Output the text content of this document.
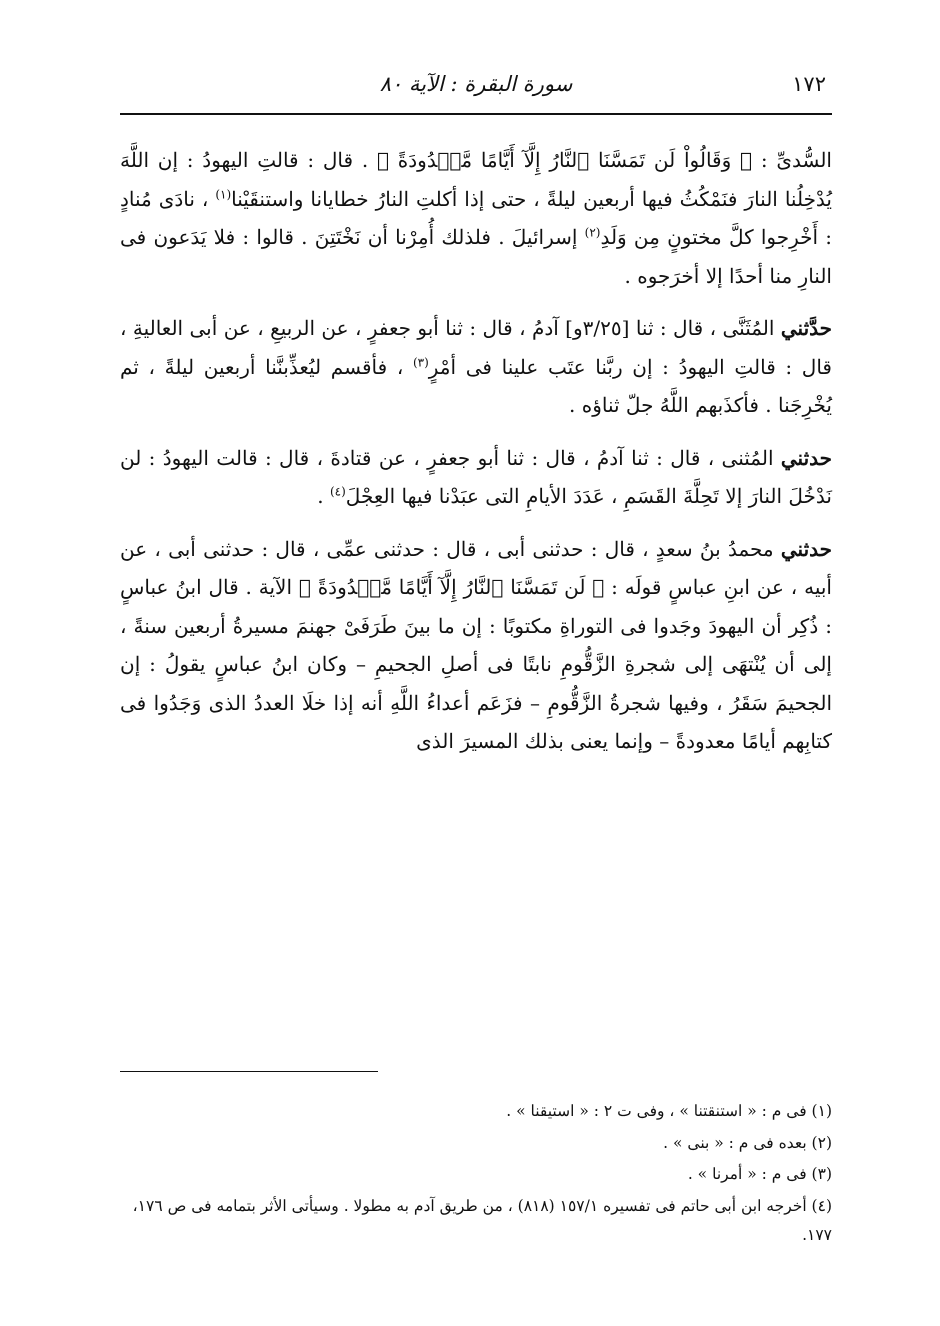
١٧٢
سورة البقرة : الآية ٨٠

السُّدىِّ : ﴿ وَقَالُواْ لَن تَمَسَّنَا ٱلنَّارُ إِلَّآ أَيَّامًا مَّعۡدُودَةً ﴾ . قال : قالتِ اليهودُ : إن اللَّهَ يُدْخِلُنا النارَ فنَمْكُثُ فيها أربعين ليلةً ، حتى إذا أكلتِ النارُ خطايانا واستنقَيْنا$^{(١)}$ ، نادَى مُنادٍ : أَخْرِجوا كلَّ مختونٍ مِن وَلَدِ$^{(٢)}$ إسرائيلَ . فلذلك أُمِرْنا أن نَخْتَتِنَ . قالوا : فلا يَدَعون فى النارِ منا أحدًا إلا أخرَجوه .

حدَّثني المُثَنَّى ، قال : ثنا [٣/٢٥و] آدمُ ، قال : ثنا أبو جعفرٍ ، عن الربيعِ ، عن أبى العاليةِ ، قال : قالتِ اليهودُ : إن ربَّنا عتَب علينا فى أمْرٍ$^{(٣)}$ ، فأقسم ليُعذِّبنَّنا أربعين ليلةً ، ثم يُخْرِجَنا . فأكذَبهم اللَّهُ جلّ ثناؤه .

حدثني المُثنى ، قال : ثنا آدمُ ، قال : ثنا أبو جعفرٍ ، عن قتادةَ ، قال : قالت اليهودُ : لن نَدْخُلَ النارَ إلا تَحِلَّةَ القَسَمِ ، عَدَدَ الأيامِ التى عبَدْنا فيها العِجْلَ$^{(٤)}$ .

حدثني محمدُ بنُ سعدٍ ، قال : حدثنى أبى ، قال : حدثنى عمِّى ، قال : حدثنى أبى ، عن أبيه ، عن ابنِ عباسٍ قولَه : ﴿ لَن تَمَسَّنَا ٱلنَّارُ إِلَّآ أَيَّامًا مَّعۡدُودَةً ﴾ الآية . قال ابنُ عباسٍ : ذُكِر أن اليهودَ وجَدوا فى التوراةِ مكتوبًا : إن ما بينَ طَرَفَىْ جهنمَ مسيرةُ أربعين سنةً ، إلى أن يُنْتهَى إلى شجرةِ الزَّقُّومِ نابتًا فى أصلِ الجحيمِ – وكان ابنُ عباسٍ يقولُ : إن الجحيمَ سَقَرُ ، وفيها شجرةُ الزَّقُّومِ – فزَعَم أعداءُ اللَّهِ أنه إذا خلَا العددُ الذى وَجَدُوا فى كتابِهم أيامًا معدودةً – وإنما يعنى بذلك المسيرَ الذى

(١) فى م : « استنقتنا » ، وفى ت ٢ : « استيقنا » .

(٢) بعده فى م : « بنى » .

(٣) فى م : « أمرنا » .

(٤) أخرجه ابن أبى حاتم فى تفسيره ١٥٧/١ (٨١٨) ، من طريق آدم به مطولا . وسيأتى الأثر بتمامه فى ص ١٧٦، ١٧٧.
